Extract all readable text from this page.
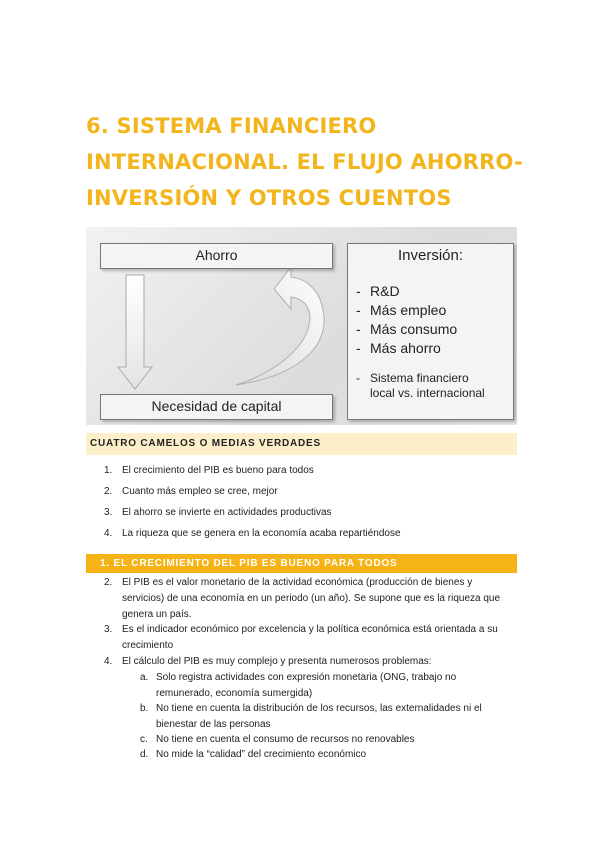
6. SISTEMA FINANCIERO
INTERNACIONAL. EL FLUJO AHORRO-
INVERSIÓN Y OTROS CUENTOS
Ahorro
Necesidad de capital
Inversión:
- R&D
- Más empleo
- Más consumo
- Más ahorro
- Sistema financiero
local vs. internacional
CUATRO CAMELOS O MEDIAS VERDADES
1. El crecimiento del PIB es bueno para todos
2. Cuanto más empleo se cree, mejor
3. El ahorro se invierte en actividades productivas
4. La riqueza que se genera en la economía acaba repartiéndose
1. EL CRECIMIENTO DEL PIB ES BUENO PARA TODOS
2. El PIB es el valor monetario de la actividad económica (producción de bienes y servicios) de una economía en un periodo (un año). Se supone que es la riqueza que genera un país.
3. Es el indicador económico por excelencia y la política económica está orientada a su crecimiento
4. El cálculo del PIB es muy complejo y presenta numerosos problemas:
a. Solo registra actividades con expresión monetaria (ONG, trabajo no remunerado, economía sumergida)
b. No tiene en cuenta la distribución de los recursos, las externalidades ni el bienestar de las personas
c. No tiene en cuenta el consumo de recursos no renovables
d. No mide la “calidad” del crecimiento económico
